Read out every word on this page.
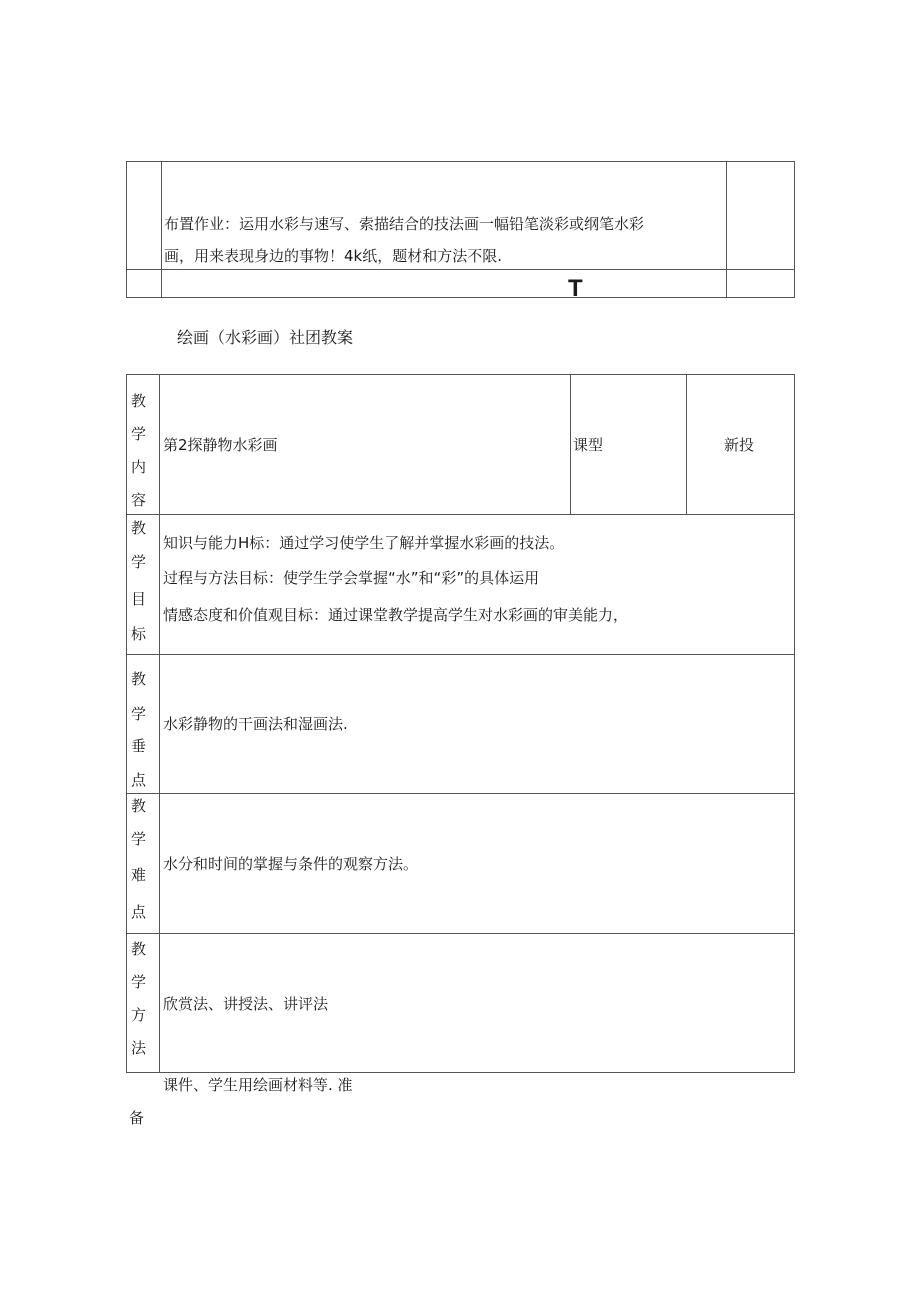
布置作业：运用水彩与速写、索描结合的技法画一幅铅笔淡彩或纲笔水彩
画，用来表现身边的事物！4k纸，题材和方法不限.
T
绘画（水彩画）社团教案
教
学
内
容
第2探静物水彩画	课型	新投
教
学
目
标
知识与能力H标：通过学习使学生了解并掌握水彩画的技法。
过程与方法目标：使学生学会掌握“水”和“彩”的具体运用
情感态度和价值观目标：通过课堂教学提高学生对水彩画的审美能力，
教
学
垂
点
水彩静物的干画法和湿画法.
教
学
难
点
水分和时间的掌握与条件的观察方法。
教
学
方
法
欣赏法、讲授法、讲评法
课件、学生用绘画材料等. 准
备
